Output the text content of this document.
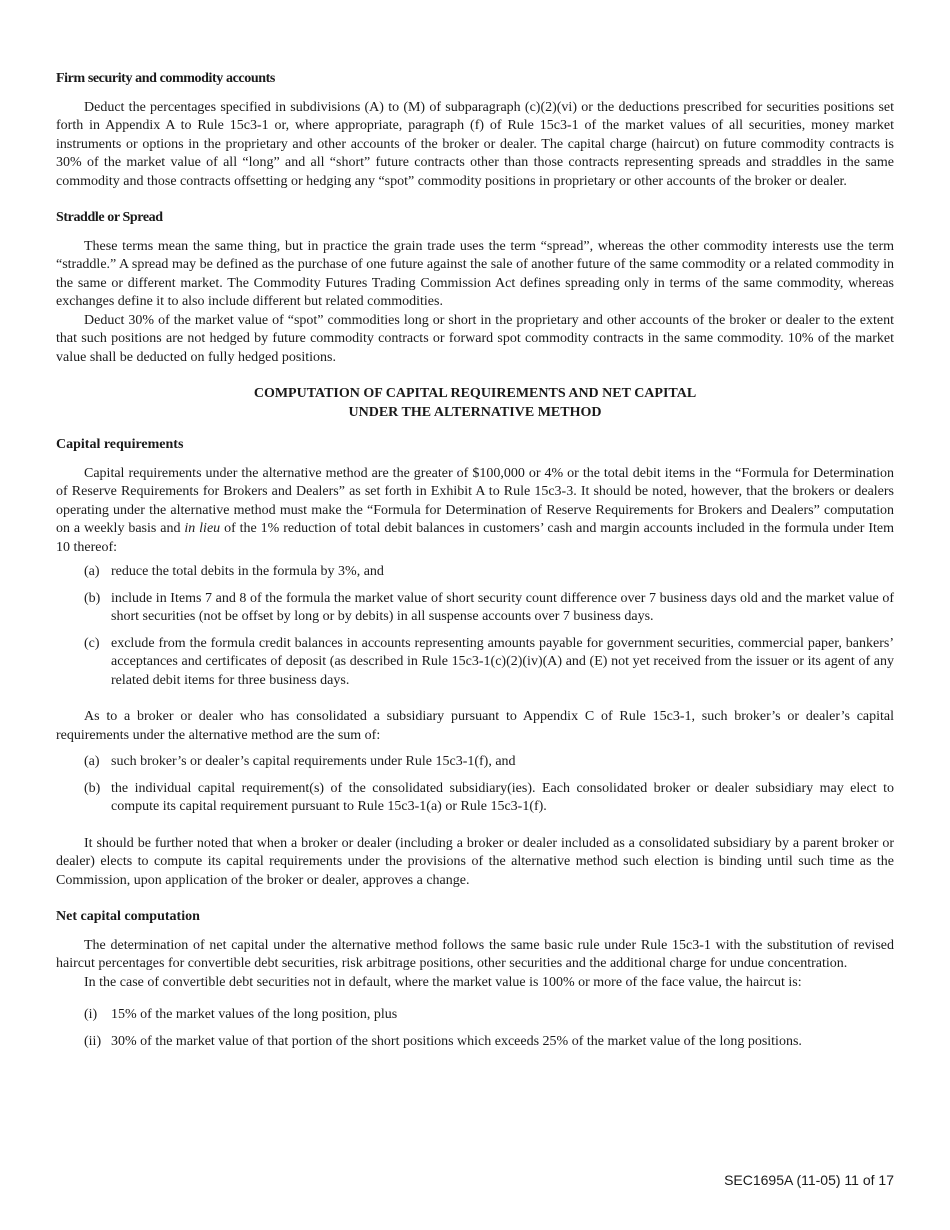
Firm security and commodity accounts

Deduct the percentages specified in subdivisions (A) to (M) of subparagraph (c)(2)(vi) or the deductions prescribed for securities positions set forth in Appendix A to Rule 15c3-1 or, where appropriate, paragraph (f) of Rule 15c3-1 of the market values of all securities, money market instruments or options in the proprietary and other accounts of the broker or dealer. The capital charge (haircut) on future commodity contracts is 30% of the market value of all “long” and all “short” future contracts other than those contracts representing spreads and straddles in the same commodity and those contracts offsetting or hedging any “spot” commodity positions in proprietary or other accounts of the broker or dealer.

Straddle or Spread

These terms mean the same thing, but in practice the grain trade uses the term “spread”, whereas the other commodity interests use the term “straddle.” A spread may be defined as the purchase of one future against the sale of another future of the same commodity or a related commodity in the same or different market. The Commodity Futures Trading Commission Act defines spreading only in terms of the same commodity, whereas exchanges define it to also include different but related commodities.

Deduct 30% of the market value of “spot” commodities long or short in the proprietary and other accounts of the broker or dealer to the extent that such positions are not hedged by future commodity contracts or forward spot commodity contracts in the same commodity. 10% of the market value shall be deducted on fully hedged positions.

COMPUTATION OF CAPITAL REQUIREMENTS AND NET CAPITAL
UNDER THE ALTERNATIVE METHOD
Capital requirements

Capital requirements under the alternative method are the greater of $100,000 or 4% or the total debit items in the “Formula for Determination of Reserve Requirements for Brokers and Dealers” as set forth in Exhibit A to Rule 15c3-3. It should be noted, however, that the brokers or dealers operating under the alternative method must make the “Formula for Determination of Reserve Requirements for Brokers and Dealers” computation on a weekly basis and in lieu of the 1% reduction of total debit balances in customers’ cash and margin accounts included in the formula under Item 10 thereof:

(a) reduce the total debits in the formula by 3%, and
(b) include in Items 7 and 8 of the formula the market value of short security count difference over 7 business days old and the market value of short securities (not be offset by long or by debits) in all suspense accounts over 7 business days.
(c) exclude from the formula credit balances in accounts representing amounts payable for government securities, commercial paper, bankers’ acceptances and certificates of deposit (as described in Rule 15c3-1(c)(2)(iv)(A) and (E) not yet received from the issuer or its agent of any related debit items for three business days.

As to a broker or dealer who has consolidated a subsidiary pursuant to Appendix C of Rule 15c3-1, such broker’s or dealer’s capital requirements under the alternative method are the sum of:

(a) such broker’s or dealer’s capital requirements under Rule 15c3-1(f), and
(b) the individual capital requirement(s) of the consolidated subsidiary(ies). Each consolidated broker or dealer subsidiary may elect to compute its capital requirement pursuant to Rule 15c3-1(a) or Rule 15c3-1(f).

It should be further noted that when a broker or dealer (including a broker or dealer included as a consolidated subsidiary by a parent broker or dealer) elects to compute its capital requirements under the provisions of the alternative method such election is binding until such time as the Commission, upon application of the broker or dealer, approves a change.

Net capital computation

The determination of net capital under the alternative method follows the same basic rule under Rule 15c3-1 with the substitution of revised haircut percentages for convertible debt securities, risk arbitrage positions, other securities and the additional charge for undue concentration.

In the case of convertible debt securities not in default, where the market value is 100% or more of the face value, the haircut is:

(i) 15% of the market values of the long position, plus
(ii) 30% of the market value of that portion of the short positions which exceeds 25% of the market value of the long positions.
SEC1695A (11-05) 11 of 17
